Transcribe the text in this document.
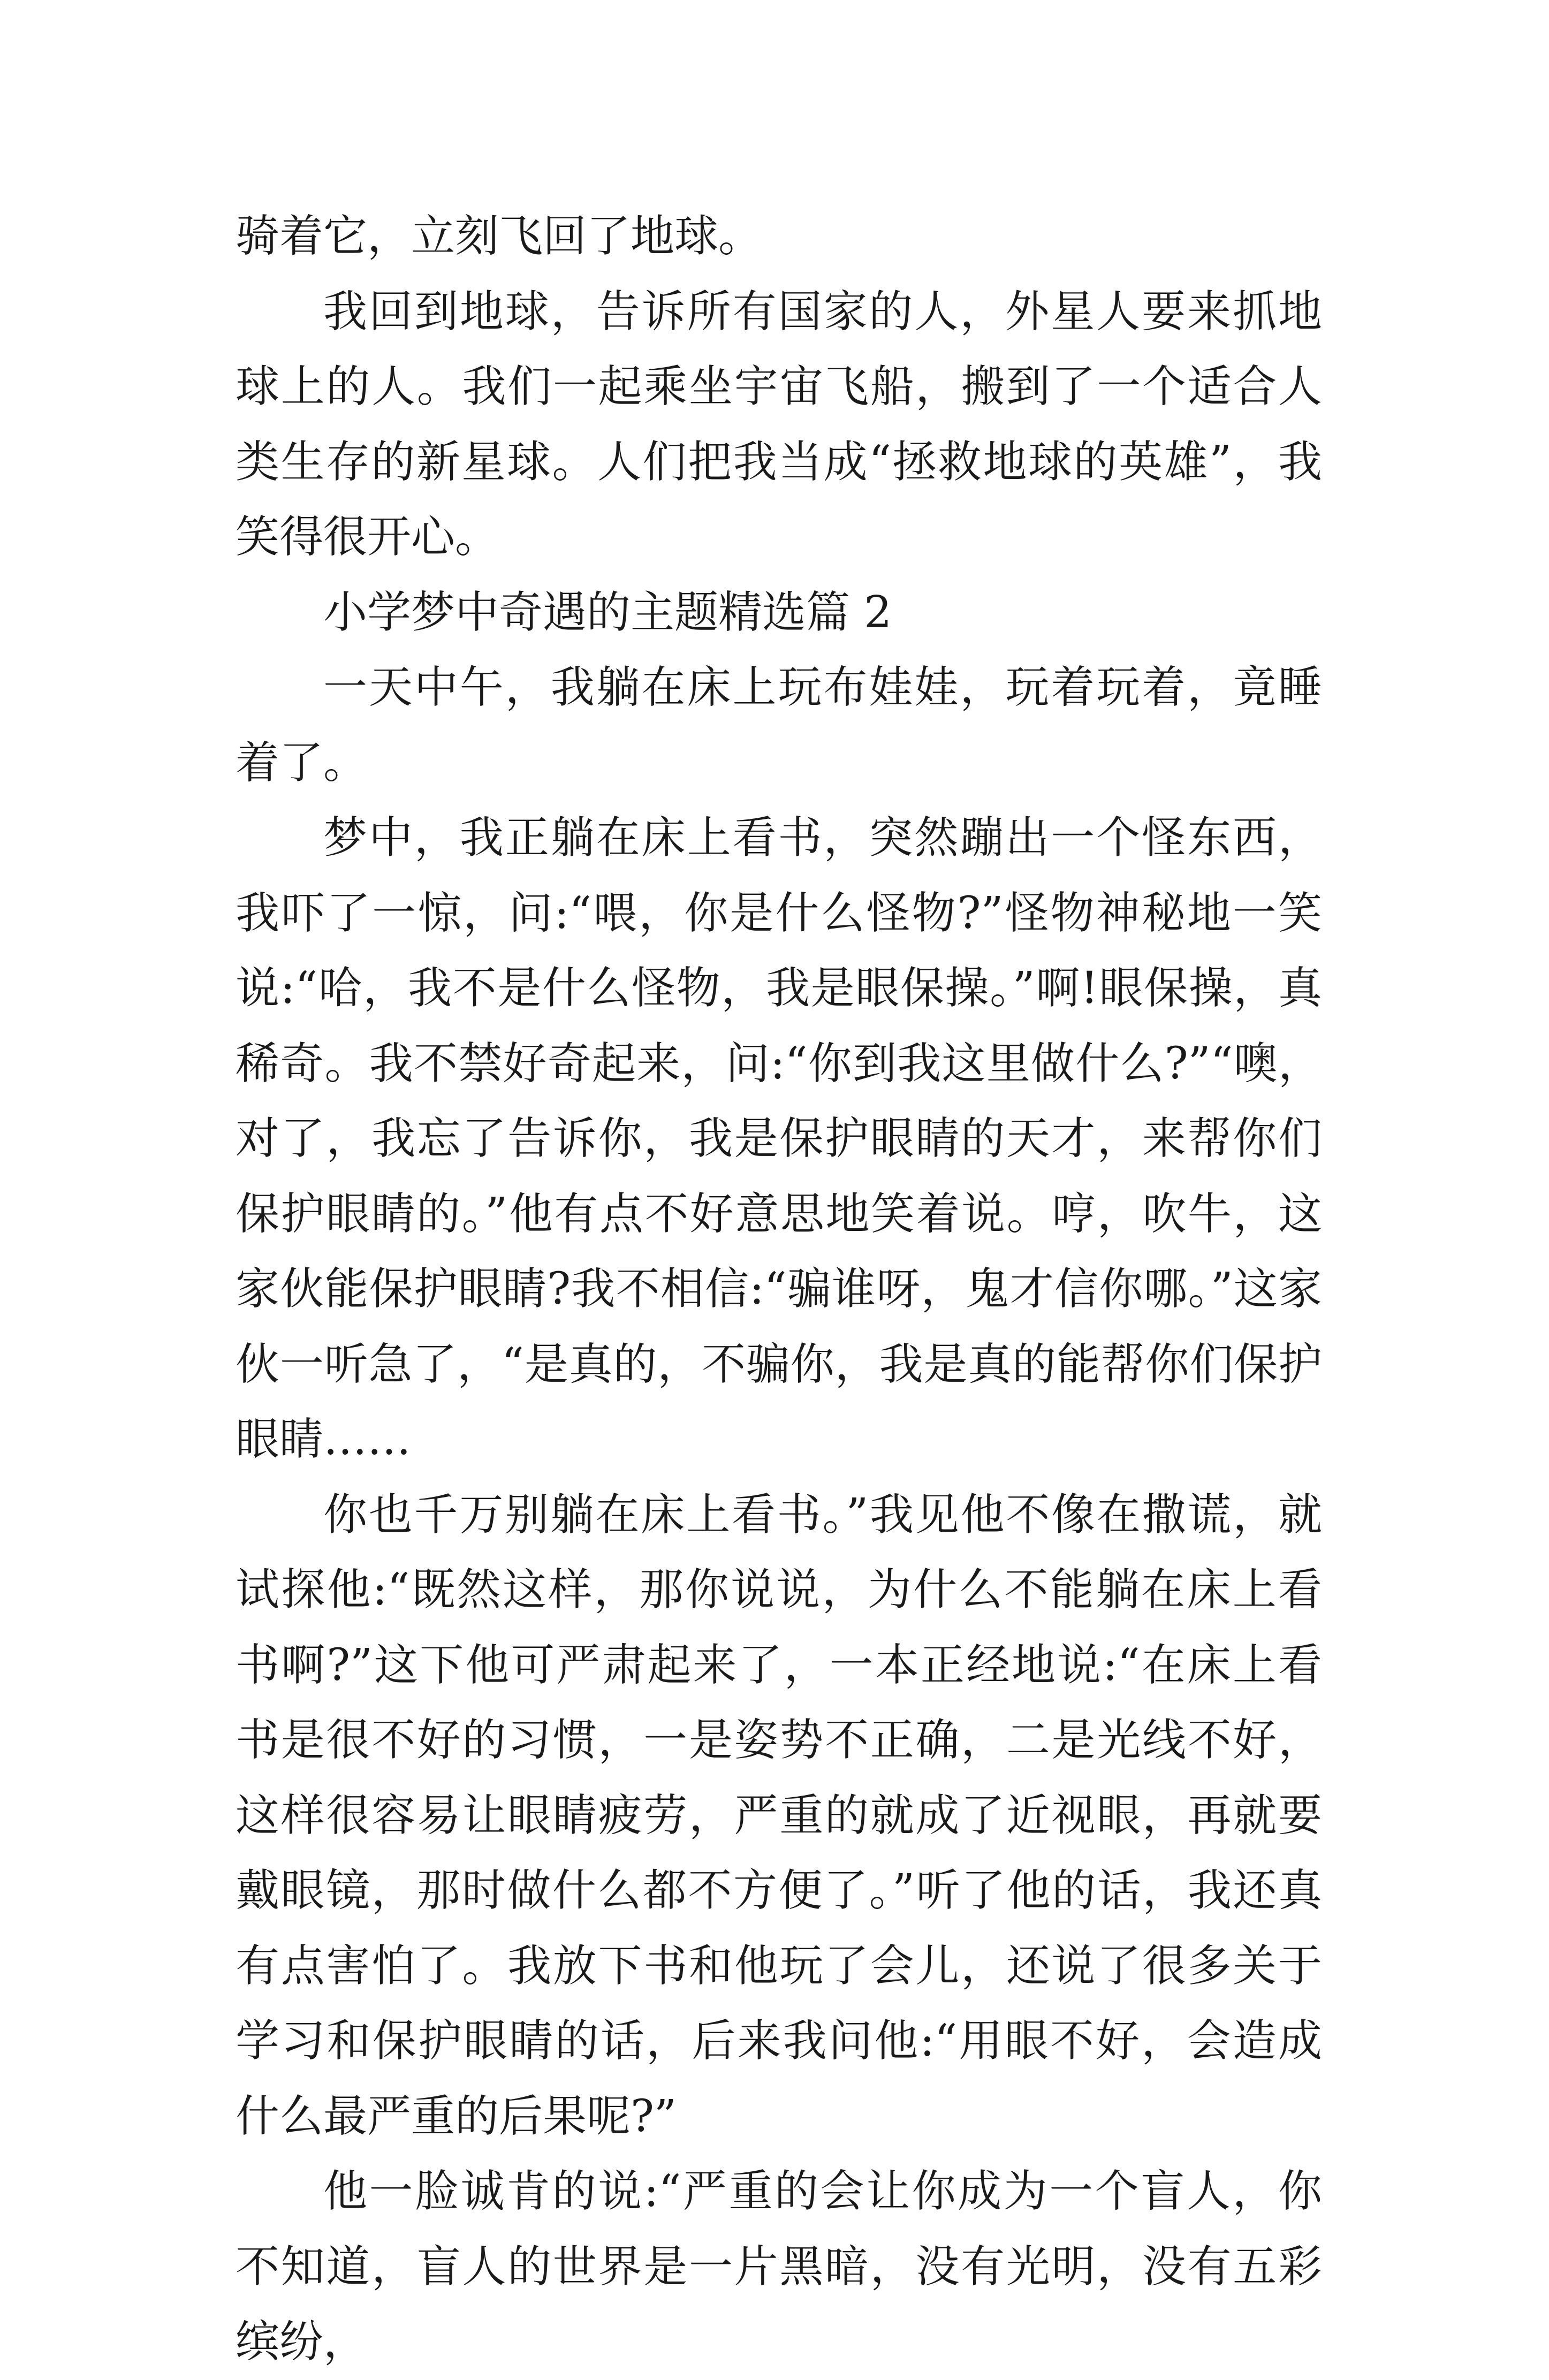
骑着它，立刻飞回了地球。

我回到地球，告诉所有国家的人，外星人要来抓地球上的人。我们一起乘坐宇宙飞船，搬到了一个适合人类生存的新星球。人们把我当成“拯救地球的英雄”，我笑得很开心。

小学梦中奇遇的主题精选篇 2

一天中午，我躺在床上玩布娃娃，玩着玩着，竟睡着了。

梦中，我正躺在床上看书，突然蹦出一个怪东西，我吓了一惊，问:“喂，你是什么怪物?”怪物神秘地一笑说:“哈，我不是什么怪物，我是眼保操。”啊!眼保操，真稀奇。我不禁好奇起来，问:“你到我这里做什么?”“噢，对了，我忘了告诉你，我是保护眼睛的天才，来帮你们保护眼睛的。”他有点不好意思地笑着说。哼，吹牛，这家伙能保护眼睛?我不相信:“骗谁呀，鬼才信你哪。”这家伙一听急了，“是真的，不骗你，我是真的能帮你们保护眼睛……

你也千万别躺在床上看书。”我见他不像在撒谎，就试探他:“既然这样，那你说说，为什么不能躺在床上看书啊?”这下他可严肃起来了，一本正经地说:“在床上看书是很不好的习惯，一是姿势不正确，二是光线不好，这样很容易让眼睛疲劳，严重的就成了近视眼，再就要戴眼镜，那时做什么都不方便了。”听了他的话，我还真有点害怕了。我放下书和他玩了会儿，还说了很多关于学习和保护眼睛的话，后来我问他:“用眼不好，会造成什么最严重的后果呢?”

他一脸诚肯的说:“严重的会让你成为一个盲人，你不知道，盲人的世界是一片黑暗，没有光明，没有五彩缤纷，
